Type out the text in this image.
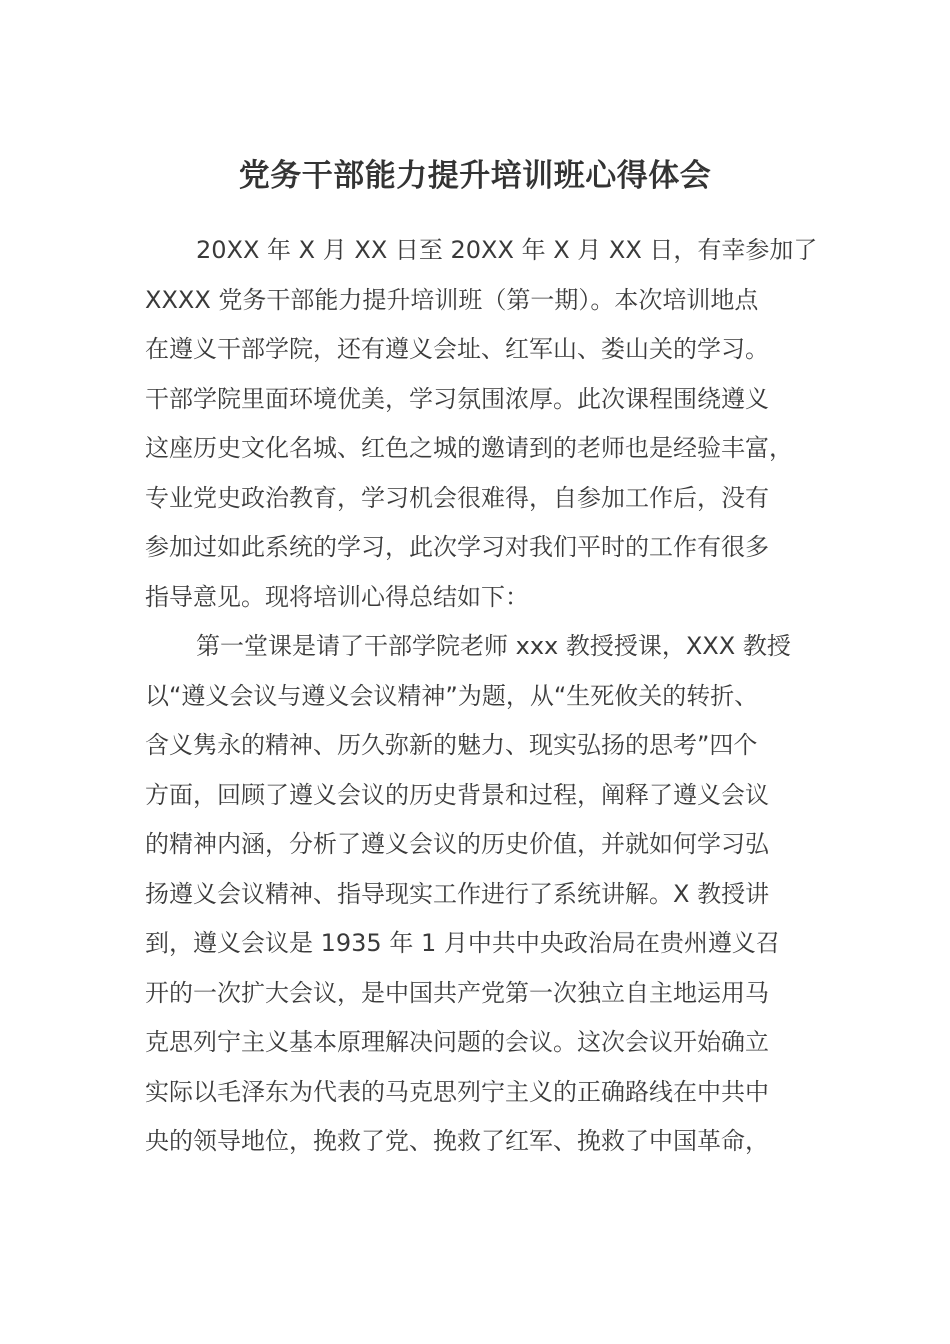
党务干部能力提升培训班心得体会
20XX 年 X 月 XX 日至 20XX 年 X 月 XX 日，有幸参加了
XXXX 党务干部能力提升培训班（第一期）。本次培训地点
在遵义干部学院，还有遵义会址、红军山、娄山关的学习。
干部学院里面环境优美，学习氛围浓厚。此次课程围绕遵义
这座历史文化名城、红色之城的邀请到的老师也是经验丰富，
专业党史政治教育，学习机会很难得，自参加工作后，没有
参加过如此系统的学习，此次学习对我们平时的工作有很多
指导意见。现将培训心得总结如下：
第一堂课是请了干部学院老师 xxx 教授授课，XXX 教授
以“遵义会议与遵义会议精神”为题，从“生死攸关的转折、
含义隽永的精神、历久弥新的魅力、现实弘扬的思考”四个
方面，回顾了遵义会议的历史背景和过程，阐释了遵义会议
的精神内涵，分析了遵义会议的历史价值，并就如何学习弘
扬遵义会议精神、指导现实工作进行了系统讲解。X 教授讲
到，遵义会议是 1935 年 1 月中共中央政治局在贵州遵义召
开的一次扩大会议，是中国共产党第一次独立自主地运用马
克思列宁主义基本原理解决问题的会议。这次会议开始确立
实际以毛泽东为代表的马克思列宁主义的正确路线在中共中
央的领导地位，挽救了党、挽救了红军、挽救了中国革命，
